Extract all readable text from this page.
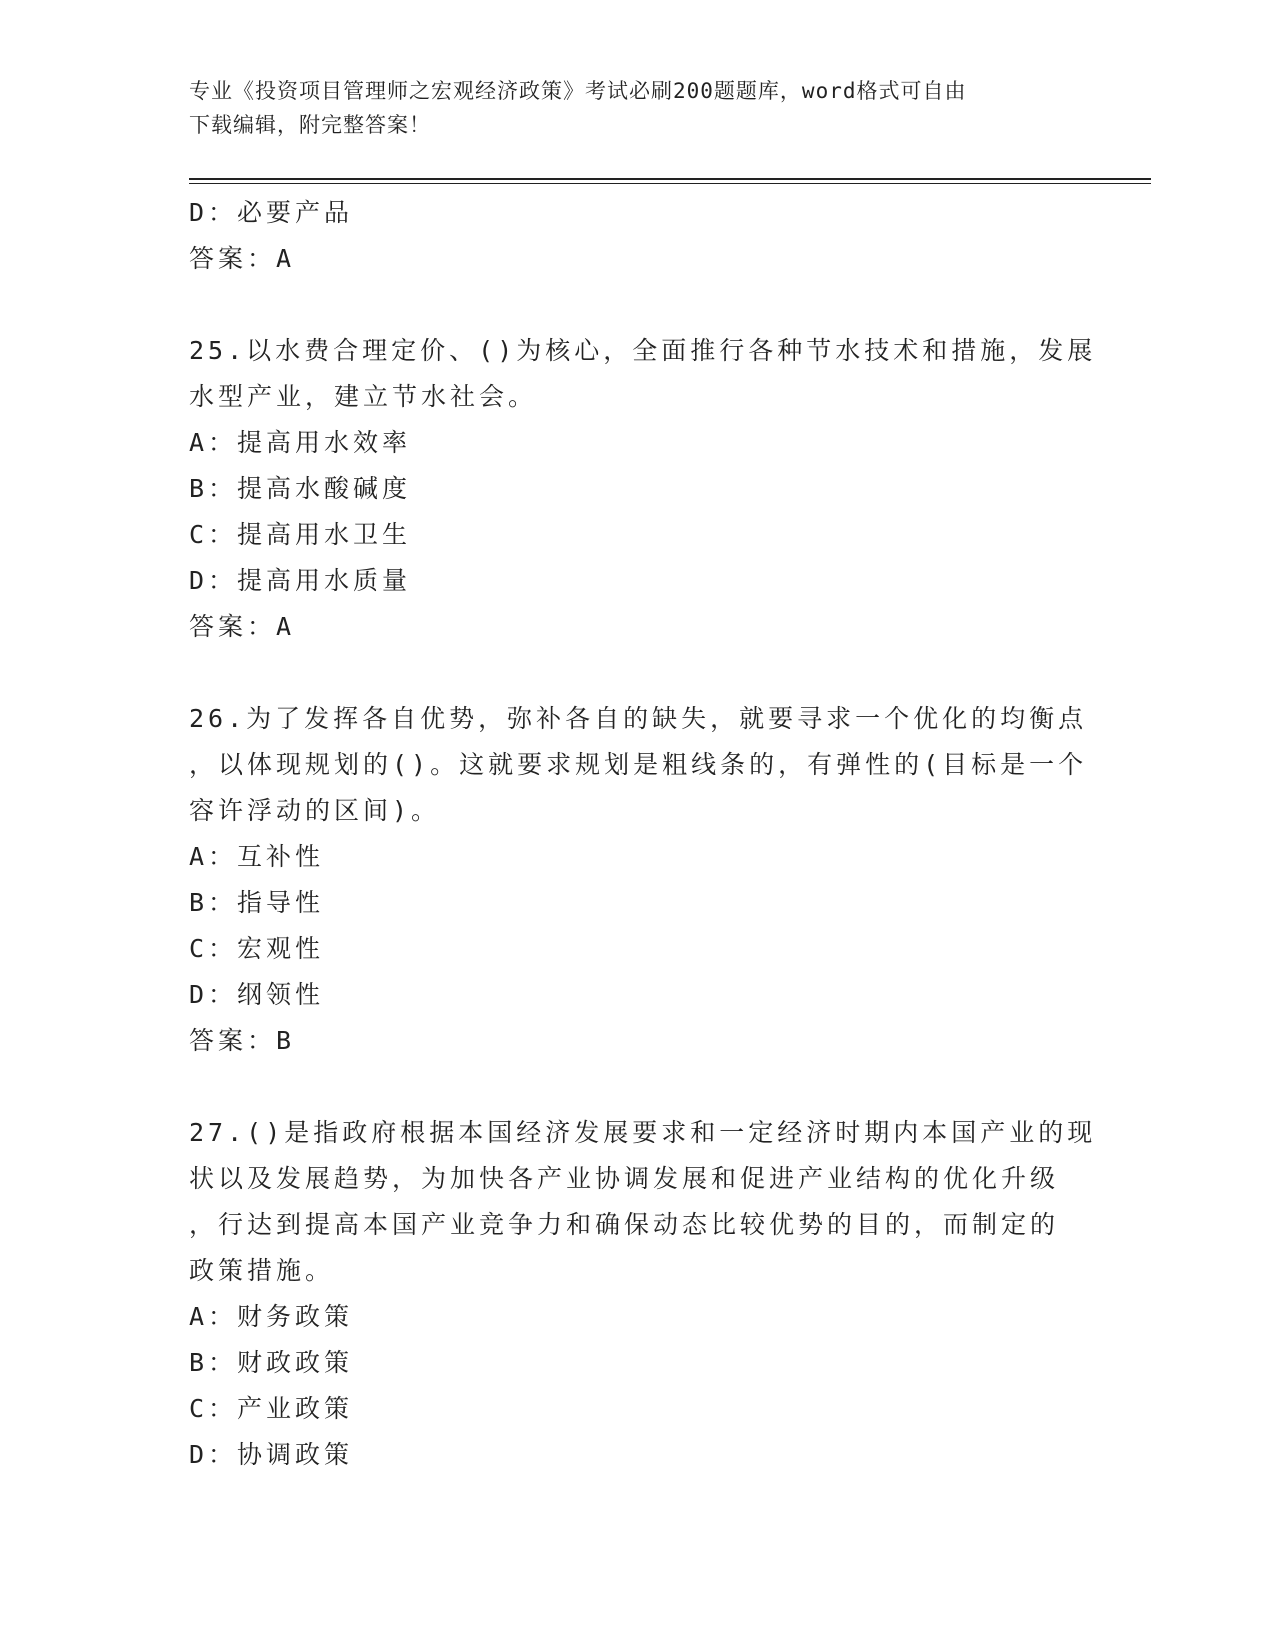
专业《投资项目管理师之宏观经济政策》考试必刷200题题库，word格式可自由
下载编辑，附完整答案！
D：必要产品
答案：A
25.以水费合理定价、()为核心，全面推行各种节水技术和措施，发展
水型产业，建立节水社会。
A：提高用水效率
B：提高水酸碱度
C：提高用水卫生
D：提高用水质量
答案：A
26.为了发挥各自优势，弥补各自的缺失，就要寻求一个优化的均衡点
，以体现规划的()。这就要求规划是粗线条的，有弹性的(目标是一个
容许浮动的区间)。
A：互补性
B：指导性
C：宏观性
D：纲领性
答案：B
27.()是指政府根据本国经济发展要求和一定经济时期内本国产业的现
状以及发展趋势，为加快各产业协调发展和促进产业结构的优化升级
，行达到提高本国产业竞争力和确保动态比较优势的目的，而制定的
政策措施。
A：财务政策
B：财政政策
C：产业政策
D：协调政策
